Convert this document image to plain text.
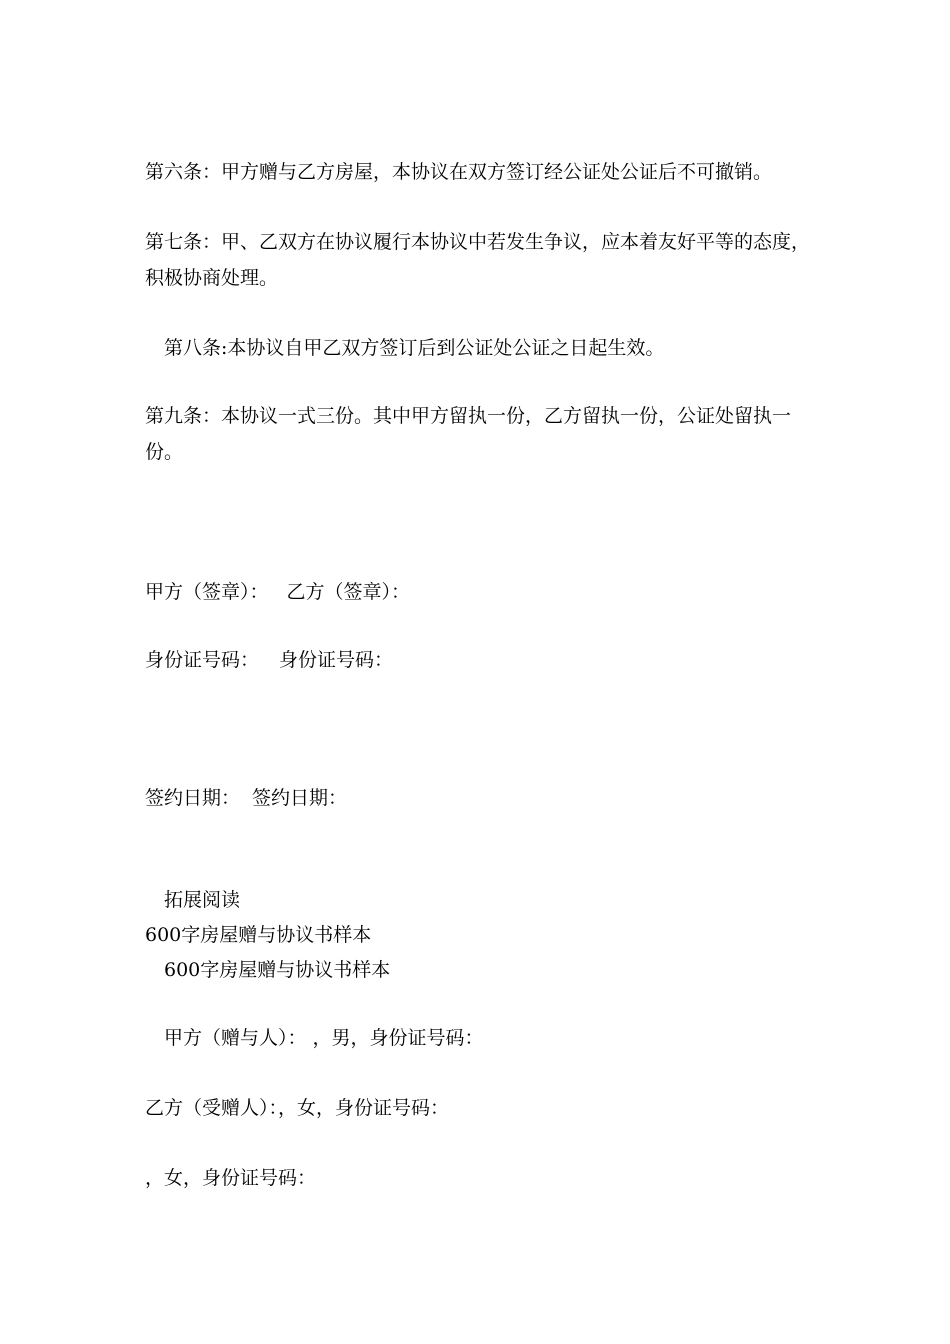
第六条：甲方赠与乙方房屋，本协议在双方签订经公证处公证后不可撤销。
第七条：甲、乙双方在协议履行本协议中若发生争议，应本着友好平等的态度，
积极协商处理。
第八条:本协议自甲乙双方签订后到公证处公证之日起生效。
第九条：本协议一式三份。其中甲方留执一份，乙方留执一份，公证处留执一
份。
甲方（签章）： 乙方（签章）：
身份证号码： 身份证号码：
签约日期： 签约日期：
拓展阅读
600字房屋赠与协议书样本
600字房屋赠与协议书样本
甲方（赠与人）： ，男，身份证号码：
乙方（受赠人）：，女，身份证号码：
，女，身份证号码：
